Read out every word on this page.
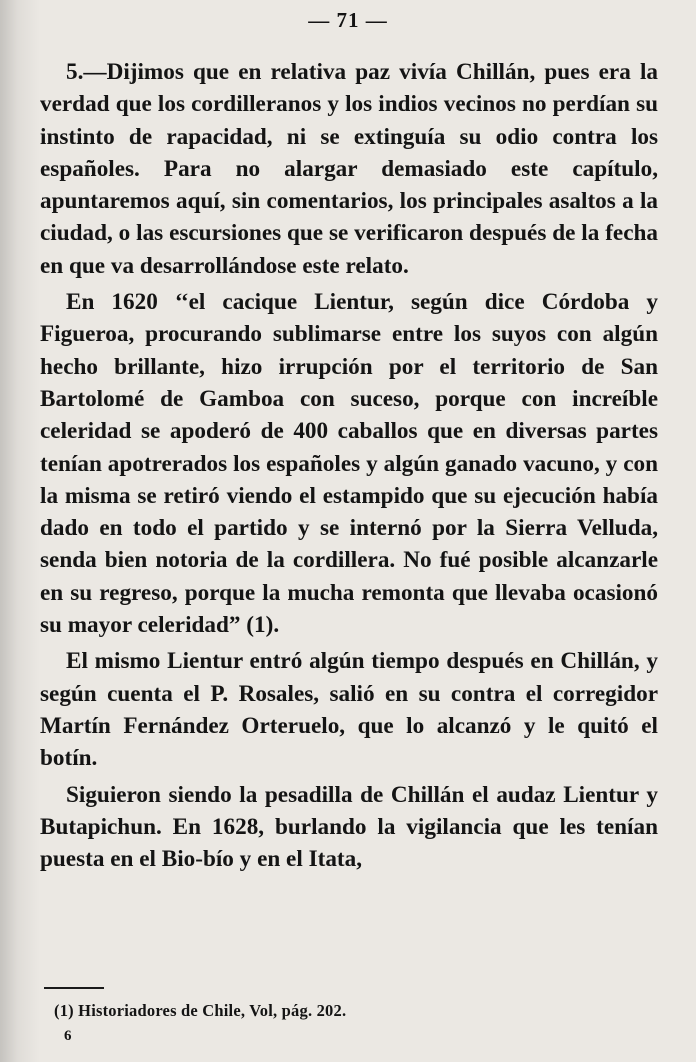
— 71 —

5.—Dijimos que en relativa paz vivía Chillán, pues era la verdad que los cordilleranos y los indios vecinos no perdían su instinto de rapacidad, ni se extinguía su odio contra los españoles. Para no alargar demasiado este capítulo, apuntaremos aquí, sin comentarios, los principales asaltos a la ciudad, o las escursiones que se verificaron después de la fecha en que va desarrollándose este relato.

En 1620 ‘‘el cacique Lientur, según dice Córdoba y Figueroa, procurando sublimarse entre los suyos con algún hecho brillante, hizo irrupción por el territorio de San Bartolomé de Gamboa con suceso, porque con increíble celeridad se apoderó de 400 caballos que en diversas partes tenían apotrerados los españoles y algún ganado vacuno, y con la misma se retiró viendo el estampido que su ejecución había dado en todo el partido y se internó por la Sierra Velluda, senda bien notoria de la cordillera. No fué posible alcanzarle en su regreso, porque la mucha remonta que llevaba ocasionó su mayor celeridad” (1).

El mismo Lientur entró algún tiempo después en Chillán, y según cuenta el P. Rosales, salió en su contra el corregidor Martín Fernández Orteruelo, que lo alcanzó y le quitó el botín.

Siguieron siendo la pesadilla de Chillán el audaz Lientur y Butapichun. En 1628, burlando la vigilancia que les tenían puesta en el Bio-bío y en el Itata,

(1) Historiadores de Chile, Vol, pág. 202.
6
